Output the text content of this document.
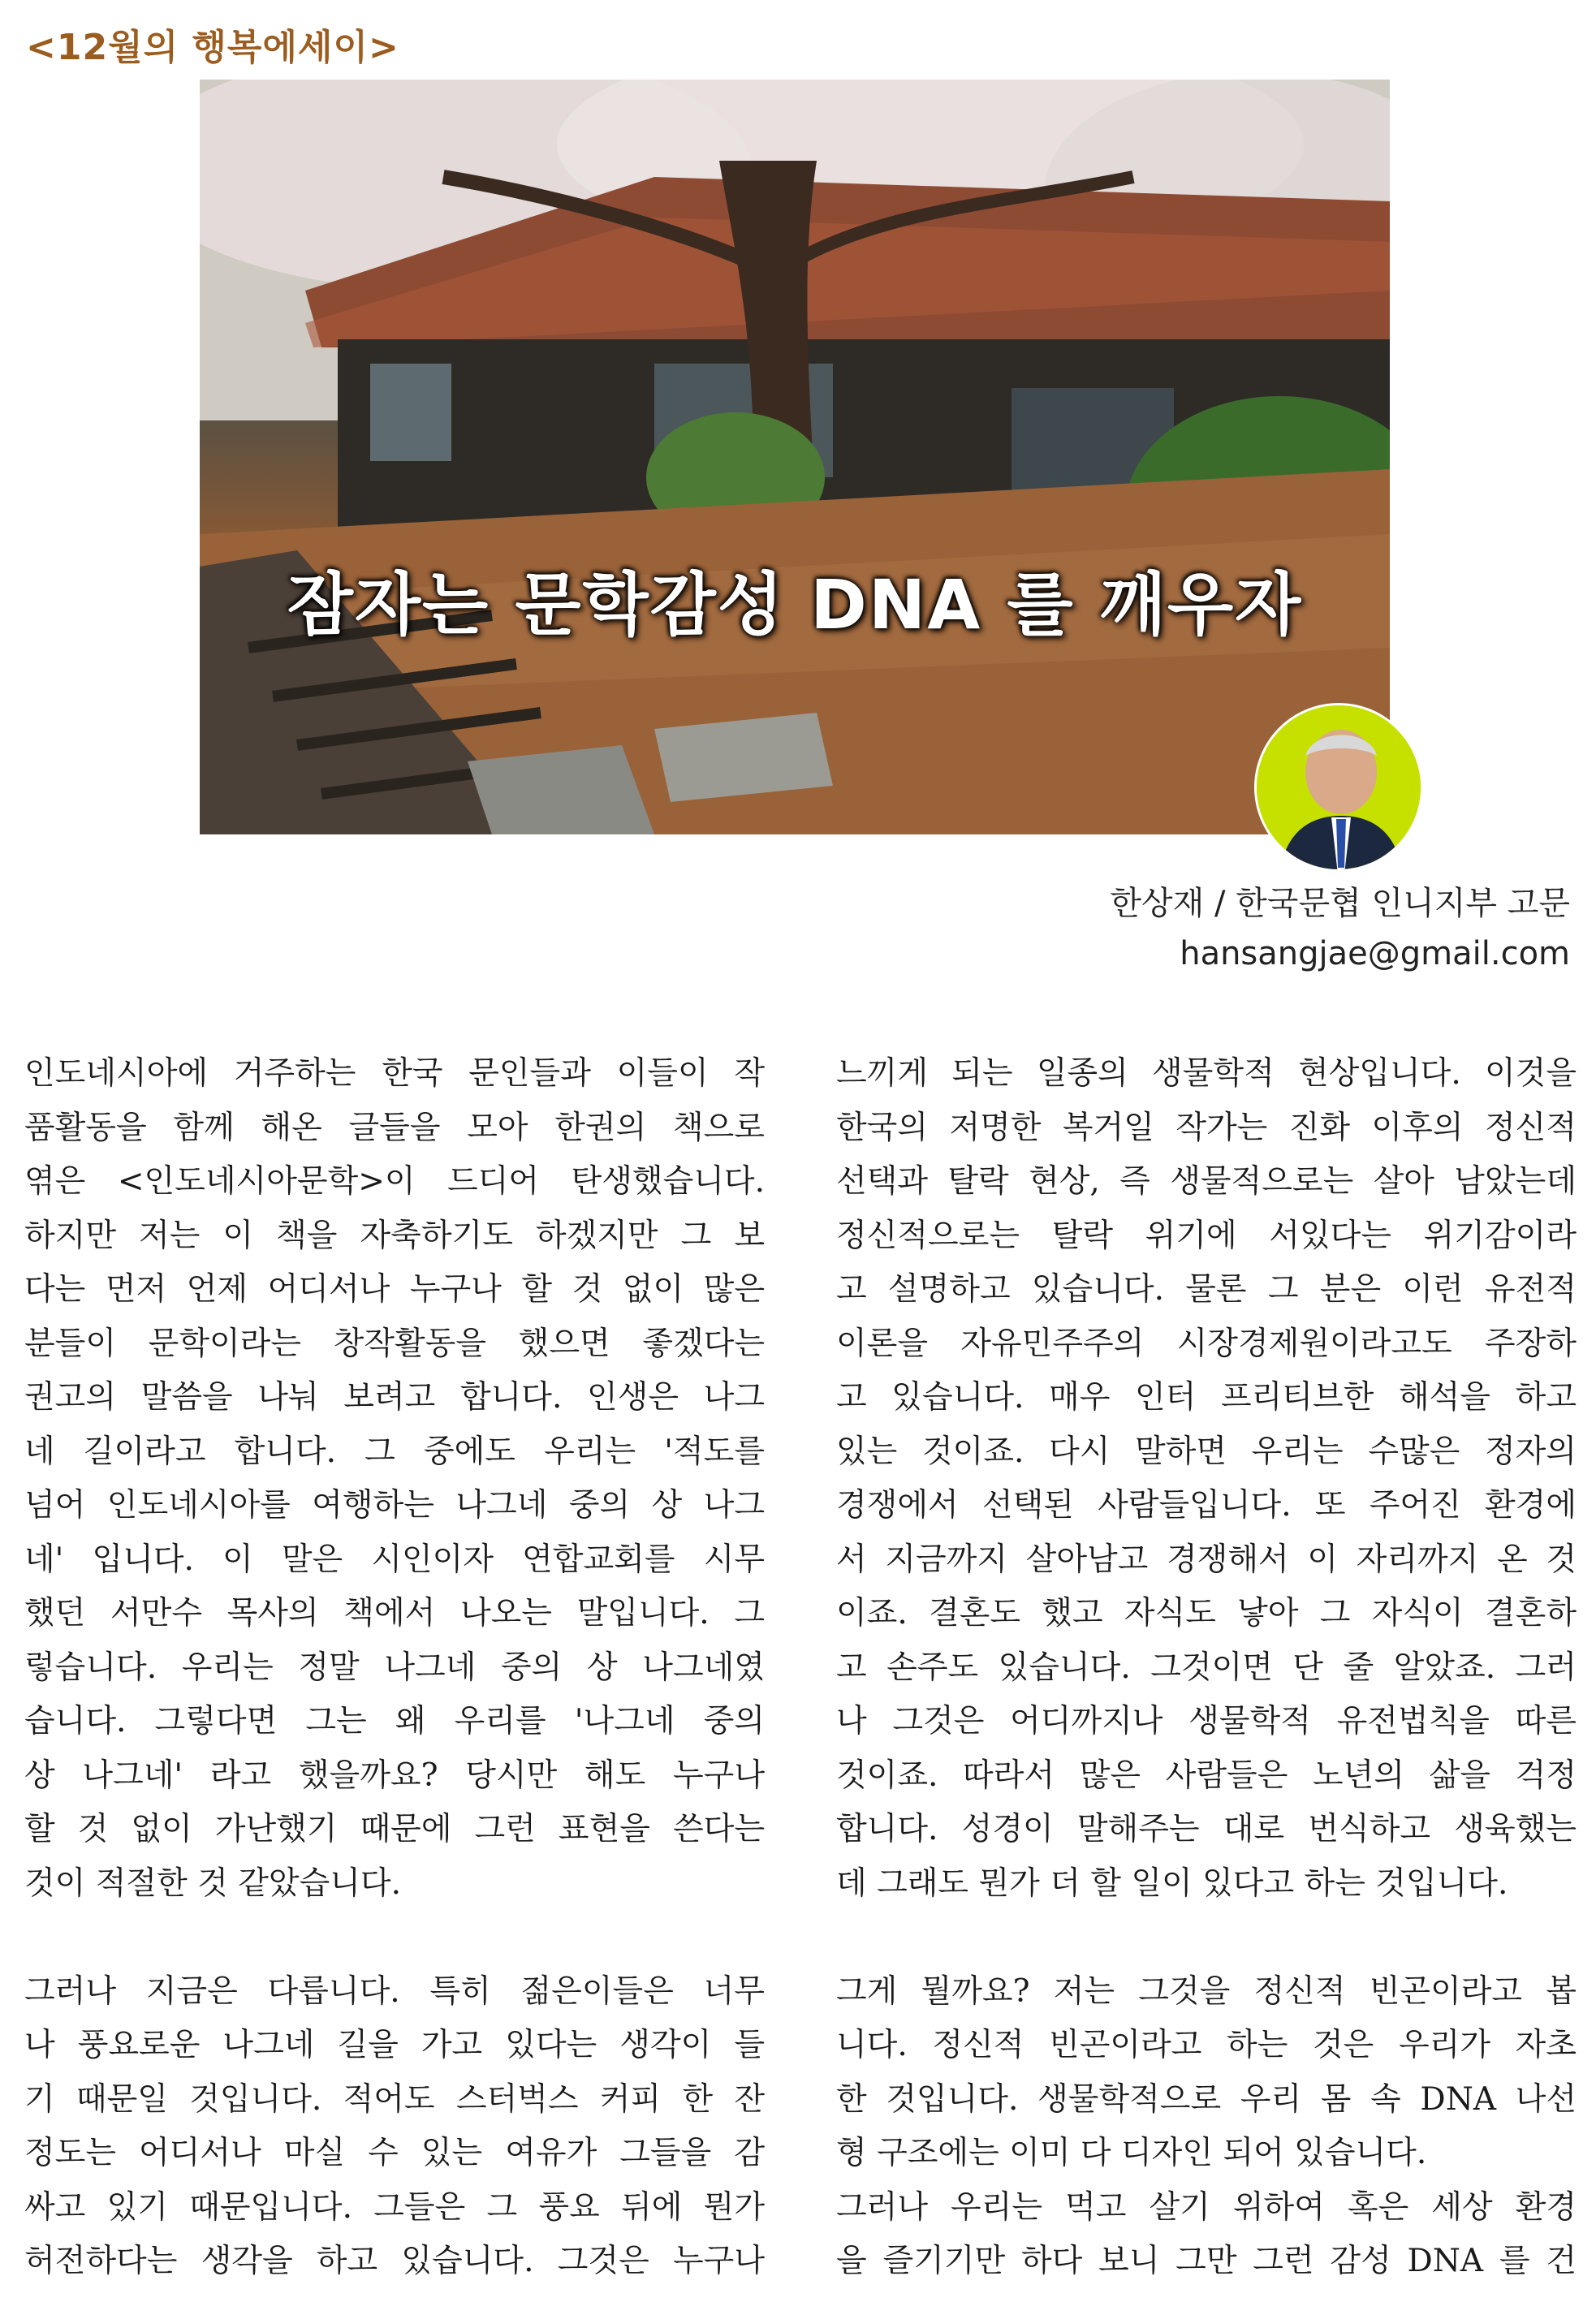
<12월의 행복에세이>
잠자는 문학감성 DNA 를 깨우자
한상재 / 한국문협 인니지부 고문
hansangjae@gmail.com
인도네시아에 거주하는 한국 문인들과 이들이 작
품활동을 함께 해온 글들을 모아 한권의 책으로
엮은 <인도네시아문학>이 드디어 탄생했습니다.
하지만 저는 이 책을 자축하기도 하겠지만 그 보
다는 먼저 언제 어디서나 누구나 할 것 없이 많은
분들이 문학이라는 창작활동을 했으면 좋겠다는
권고의 말씀을 나눠 보려고 합니다. 인생은 나그
네 길이라고 합니다. 그 중에도 우리는 '적도를
넘어 인도네시아를 여행하는 나그네 중의 상 나그
네' 입니다. 이 말은 시인이자 연합교회를 시무
했던 서만수 목사의 책에서 나오는 말입니다. 그
렇습니다. 우리는 정말 나그네 중의 상 나그네였
습니다. 그렇다면 그는 왜 우리를 '나그네 중의
상 나그네' 라고 했을까요? 당시만 해도 누구나
할 것 없이 가난했기 때문에 그런 표현을 쓴다는
것이 적절한 것 같았습니다.
그러나 지금은 다릅니다. 특히 젊은이들은 너무
나 풍요로운 나그네 길을 가고 있다는 생각이 들
기 때문일 것입니다. 적어도 스터벅스 커피 한 잔
정도는 어디서나 마실 수 있는 여유가 그들을 감
싸고 있기 때문입니다. 그들은 그 풍요 뒤에 뭔가
허전하다는 생각을 하고 있습니다. 그것은 누구나
느끼게 되는 일종의 생물학적 현상입니다. 이것을
한국의 저명한 복거일 작가는 진화 이후의 정신적
선택과 탈락 현상, 즉 생물적으로는 살아 남았는데
정신적으로는 탈락 위기에 서있다는 위기감이라
고 설명하고 있습니다. 물론 그 분은 이런 유전적
이론을 자유민주주의 시장경제원이라고도 주장하
고 있습니다. 매우 인터 프리티브한 해석을 하고
있는 것이죠. 다시 말하면 우리는 수많은 정자의
경쟁에서 선택된 사람들입니다. 또 주어진 환경에
서 지금까지 살아남고 경쟁해서 이 자리까지 온 것
이죠. 결혼도 했고 자식도 낳아 그 자식이 결혼하
고 손주도 있습니다. 그것이면 단 줄 알았죠. 그러
나 그것은 어디까지나 생물학적 유전법칙을 따른
것이죠. 따라서 많은 사람들은 노년의 삶을 걱정
합니다. 성경이 말해주는 대로 번식하고 생육했는
데 그래도 뭔가 더 할 일이 있다고 하는 것입니다.
그게 뭘까요? 저는 그것을 정신적 빈곤이라고 봅
니다. 정신적 빈곤이라고 하는 것은 우리가 자초
한 것입니다. 생물학적으로 우리 몸 속 DNA 나선
형 구조에는 이미 다 디자인 되어 있습니다.
그러나 우리는 먹고 살기 위하여 혹은 세상 환경
을 즐기기만 하다 보니 그만 그런 감성 DNA 를 건
